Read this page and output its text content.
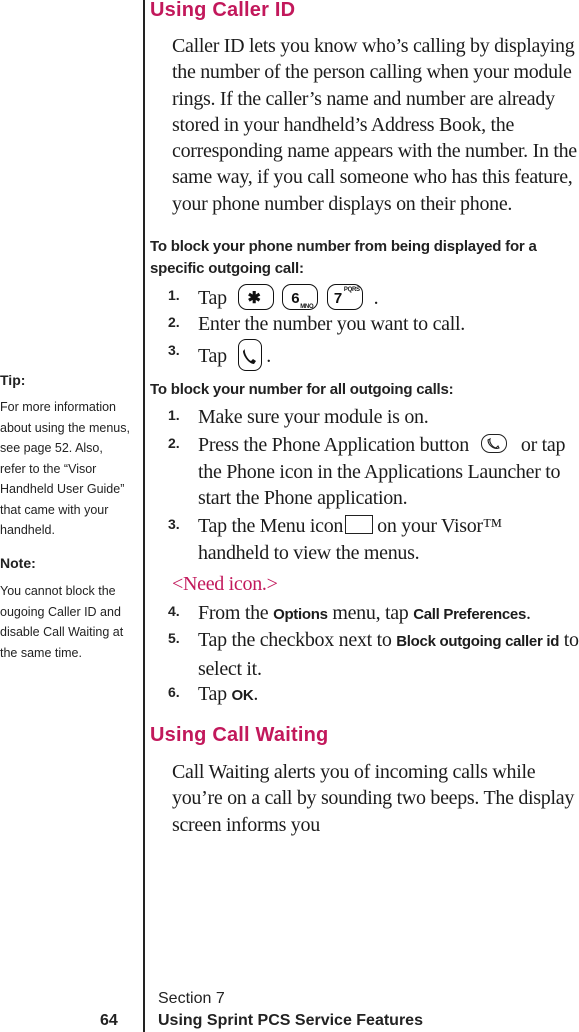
Using Caller ID
Caller ID lets you know who’s calling by displaying the number of the person calling when your module rings. If the caller’s name and number are already stored in your handheld’s Address Book, the corresponding name appears with the number. In the same way, if you call someone who has this feature, your phone number displays on their phone.
To block your phone number from being displayed for a specific outgoing call:
1. Tap ✱
6 MNO
7 PQRS .
2. Enter the number you want to call.
3. Tap .
To block your number for all outgoing calls:
1. Make sure your module is on.
2. Press the Phone Application button	or tap the Phone icon in the Applications Launcher to start the Phone application.
3. Tap the Menu icon on your Visor™ handheld to view the menus.
<Need icon.>
4. From the Options menu, tap Call Preferences.
5. Tap the checkbox next to Block outgoing caller id to select it.
6. Tap OK.
Using Call Waiting
Call Waiting alerts you of incoming calls while you’re on a call by sounding two beeps. The display screen informs you
Tip:
For more information about using the menus, see page 52. Also, refer to the “Visor Handheld User Guide” that came with your handheld.
Note:
You cannot block the ougoing Caller ID and disable Call Waiting at the same time.
Section 7
64	Using Sprint PCS Service Features
